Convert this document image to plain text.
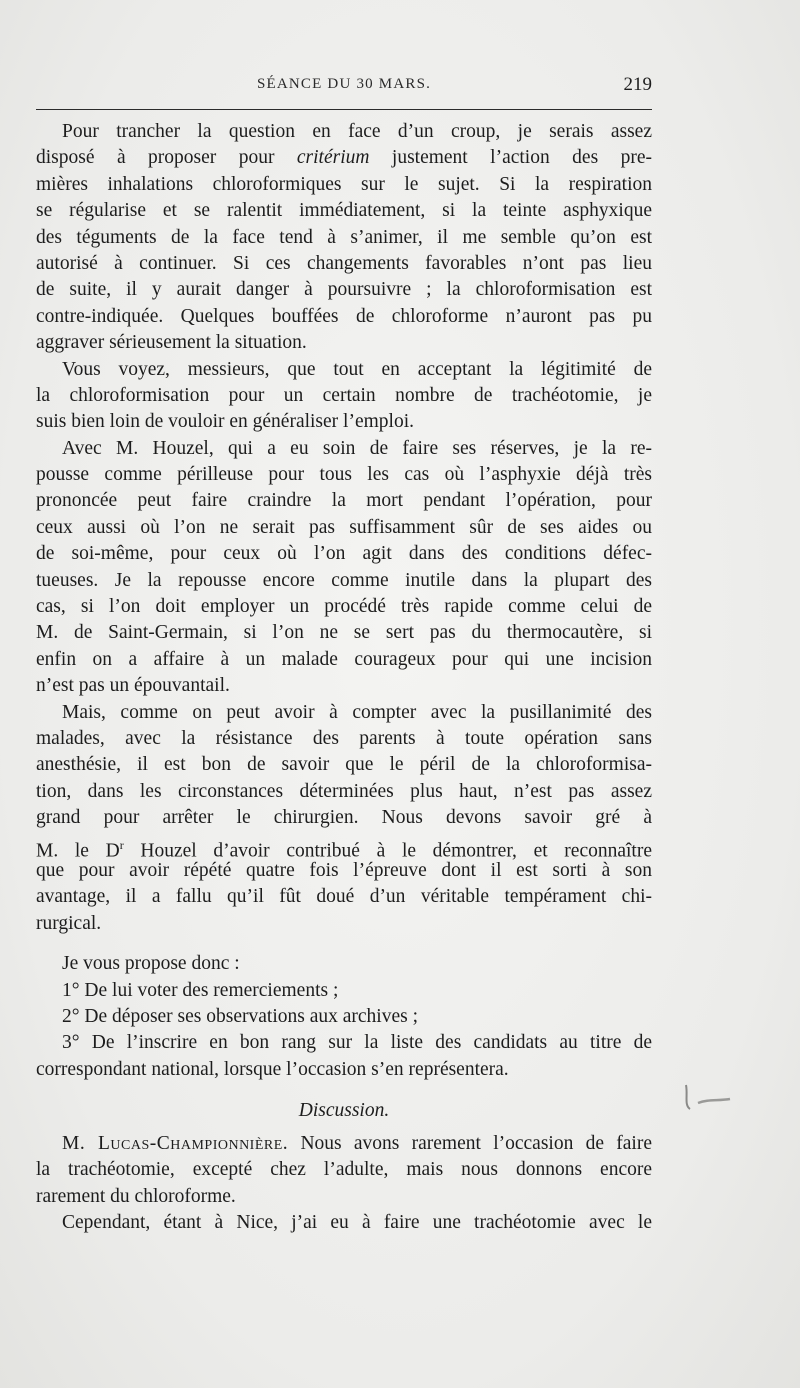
SÉANCE DU 30 MARS.	219
Pour trancher la question en face d’un croup, je serais assez
disposé à proposer pour critérium justement l’action des pre-
mières inhalations chloroformiques sur le sujet. Si la respiration
se régularise et se ralentit immédiatement, si la teinte asphyxique
des téguments de la face tend à s’animer, il me semble qu’on est
autorisé à continuer. Si ces changements favorables n’ont pas lieu
de suite, il y aurait danger à poursuivre ; la chloroformisation est
contre-indiquée. Quelques bouffées de chloroforme n’auront pas pu
aggraver sérieusement la situation.
Vous voyez, messieurs, que tout en acceptant la légitimité de
la chloroformisation pour un certain nombre de trachéotomie, je
suis bien loin de vouloir en généraliser l’emploi.
Avec M. Houzel, qui a eu soin de faire ses réserves, je la re-
pousse comme périlleuse pour tous les cas où l’asphyxie déjà très
prononcée peut faire craindre la mort pendant l’opération, pour
ceux aussi où l’on ne serait pas suffisamment sûr de ses aides ou
de soi-même, pour ceux où l’on agit dans des conditions défec-
tueuses. Je la repousse encore comme inutile dans la plupart des
cas, si l’on doit employer un procédé très rapide comme celui de
M. de Saint-Germain, si l’on ne se sert pas du thermocautère, si
enfin on a affaire à un malade courageux pour qui une incision
n’est pas un épouvantail.
Mais, comme on peut avoir à compter avec la pusillanimité des
malades, avec la résistance des parents à toute opération sans
anesthésie, il est bon de savoir que le péril de la chloroformisa-
tion, dans les circonstances déterminées plus haut, n’est pas assez
grand pour arrêter le chirurgien. Nous devons savoir gré à
M. le $D^r$ Houzel d’avoir contribué à le démontrer, et reconnaître
que pour avoir répété quatre fois l’épreuve dont il est sorti à son
avantage, il a fallu qu’il fût doué d’un véritable tempérament chi-
rurgical.
Je vous propose donc :
1° De lui voter des remerciements ;
2° De déposer ses observations aux archives ;
3° De l’inscrire en bon rang sur la liste des candidats au titre de
correspondant national, lorsque l’occasion s’en représentera.
Discussion.
M. Lucas-Championnière. Nous avons rarement l’occasion de faire
la trachéotomie, excepté chez l’adulte, mais nous donnons encore
rarement du chloroforme.
Cependant, étant à Nice, j’ai eu à faire une trachéotomie avec le
